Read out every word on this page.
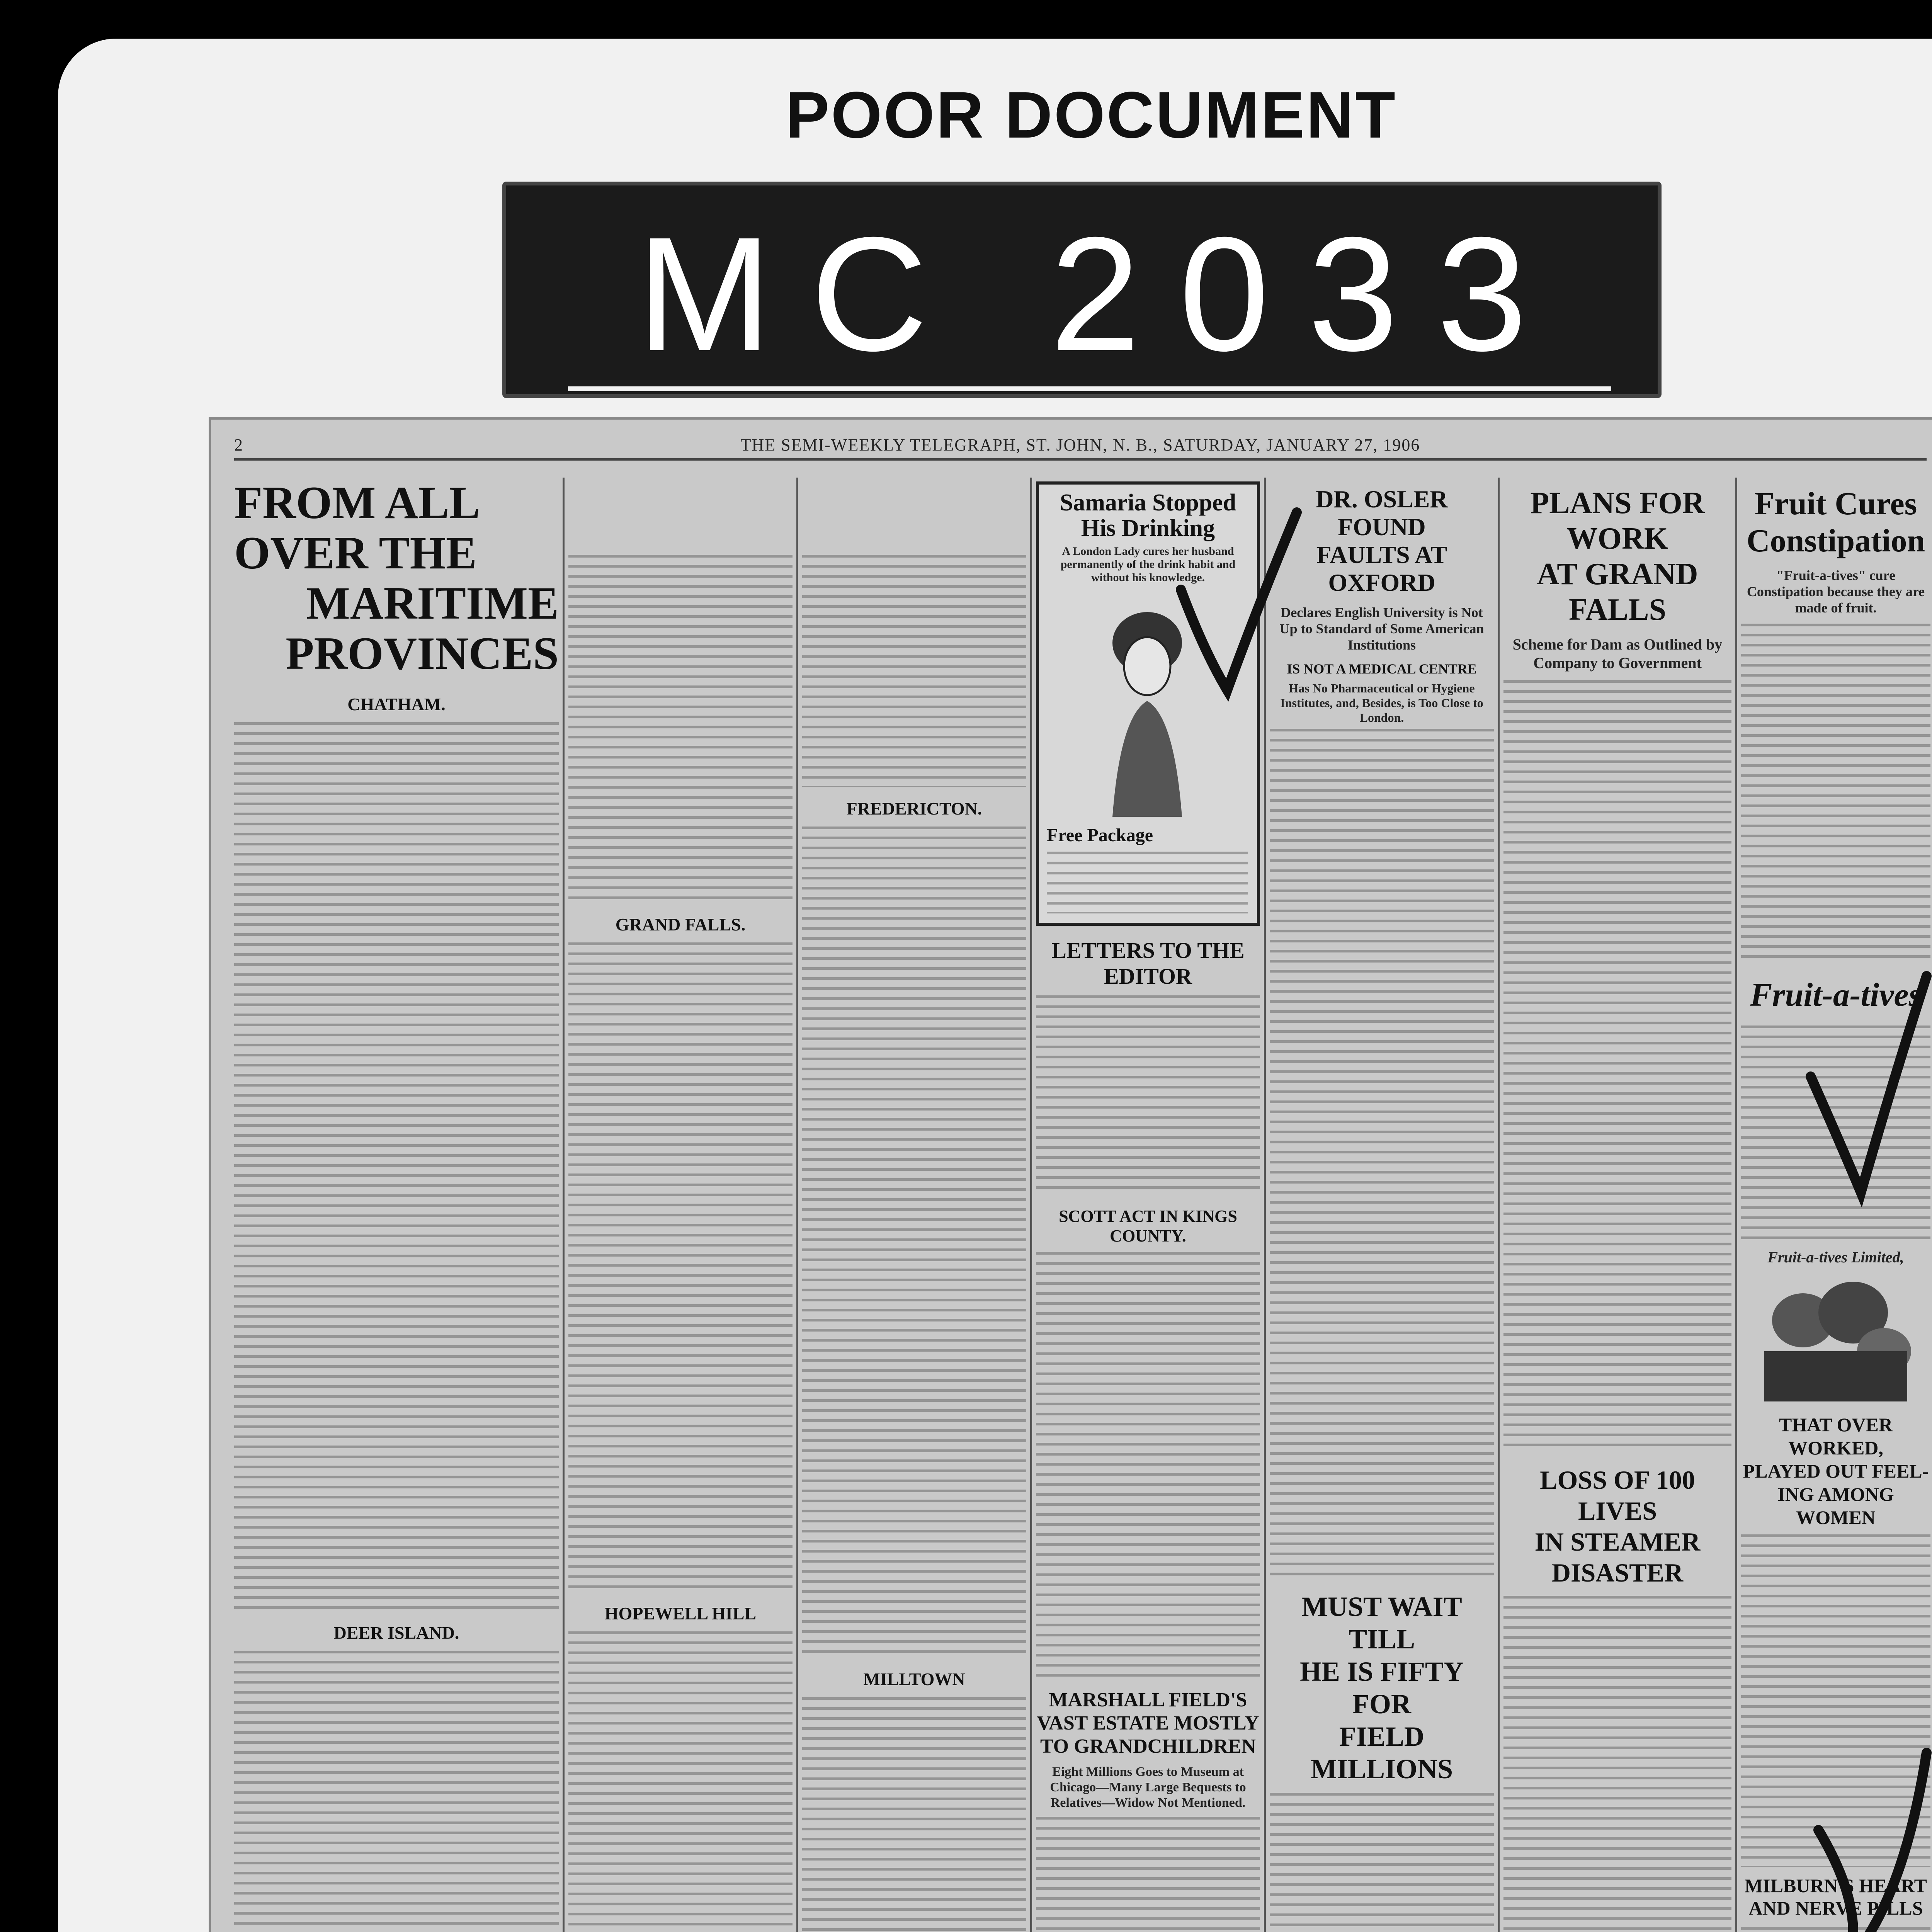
POOR DOCUMENT
MC 2033
2	THE SEMI-WEEKLY TELEGRAPH, ST. JOHN, N. B., SATURDAY, JANUARY 27, 1906
FROM ALL OVER THE
MARITIME PROVINCES
CHATHAM.
DEER ISLAND.
GRAND FALLS.
HOPEWELL HILL
FREDERICTON.
MILLTOWN
Samaria Stopped His Drinking
A London Lady cures her husband permanently of the drink habit and without his knowledge.
Free Package
LETTERS TO THE EDITOR
SCOTT ACT IN KINGS COUNTY.
MARSHALL FIELD'S
VAST ESTATE MOSTLY
TO GRANDCHILDREN
Eight Millions Goes to Museum at Chicago—Many Large Bequests to Relatives—Widow Not Mentioned.
DR. OSLER FOUND
FAULTS AT OXFORD
Declares English University is Not Up to Standard of Some American Institutions
IS NOT A MEDICAL CENTRE
Has No Pharmaceutical or Hygiene Institutes, and, Besides, is Too Close to London.
MUST WAIT TILL
HE IS FIFTY FOR
FIELD MILLIONS
PLANS FOR WORK
AT GRAND FALLS
Scheme for Dam as Outlined by Company to Government
LOSS OF 100 LIVES
IN STEAMER DISASTER
Fruit Cures
Constipation
"Fruit-a-tives" cure Constipation because they are made of fruit.
Fruit-a-tives
Fruit-a-tives Limited,
THAT OVER WORKED,
PLAYED OUT FEEL-
ING AMONG WOMEN
MILBURN'S HEART AND NERVE PILLS
